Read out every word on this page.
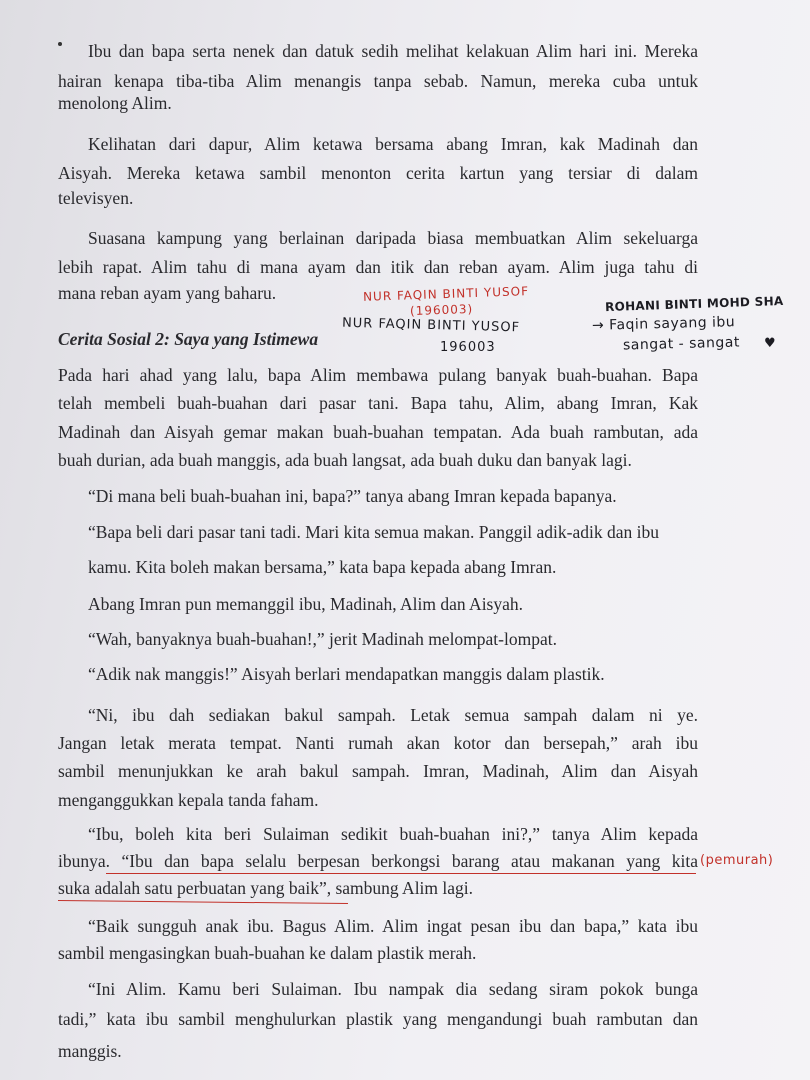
Ibu dan bapa serta nenek dan datuk sedih melihat kelakuan Alim hari ini. Mereka
hairan kenapa tiba-tiba Alim menangis tanpa sebab. Namun, mereka cuba untuk
menolong Alim.
Kelihatan dari dapur, Alim ketawa bersama abang Imran, kak Madinah dan
Aisyah. Mereka ketawa sambil menonton cerita kartun yang tersiar di dalam
televisyen.
Suasana kampung yang berlainan daripada biasa membuatkan Alim sekeluarga
lebih rapat. Alim tahu di mana ayam dan itik dan reban ayam. Alim juga tahu di
mana reban ayam yang baharu.
Cerita Sosial 2: Saya yang Istimewa
NUR FAQIN BINTI YUSOF
(196003)
NUR FAQIN BINTI YUSOF
196003
ROHANI BINTI MOHD SHA
→ Faqin sayang ibu
sangat - sangat ♥
Pada hari ahad yang lalu, bapa Alim membawa pulang banyak buah-buahan. Bapa
telah membeli buah-buahan dari pasar tani. Bapa tahu, Alim, abang Imran, Kak
Madinah dan Aisyah gemar makan buah-buahan tempatan. Ada buah rambutan, ada
buah durian, ada buah manggis, ada buah langsat, ada buah duku dan banyak lagi.
“Di mana beli buah-buahan ini, bapa?” tanya abang Imran kepada bapanya.
“Bapa beli dari pasar tani tadi. Mari kita semua makan. Panggil adik-adik dan ibu
kamu. Kita boleh makan bersama,” kata bapa kepada abang Imran.
Abang Imran pun memanggil ibu, Madinah, Alim dan Aisyah.
“Wah, banyaknya buah-buahan!,” jerit Madinah melompat-lompat.
“Adik nak manggis!” Aisyah berlari mendapatkan manggis dalam plastik.
“Ni, ibu dah sediakan bakul sampah. Letak semua sampah dalam ni ye.
Jangan letak merata tempat. Nanti rumah akan kotor dan bersepah,” arah ibu
sambil menunjukkan ke arah bakul sampah. Imran, Madinah, Alim dan Aisyah
menganggukkan kepala tanda faham.
“Ibu, boleh kita beri Sulaiman sedikit buah-buahan ini?,” tanya Alim kepada
ibunya. “Ibu dan bapa selalu berpesan berkongsi barang atau makanan yang kita
suka adalah satu perbuatan yang baik”, sambung Alim lagi.
(pemurah)
“Baik sungguh anak ibu. Bagus Alim. Alim ingat pesan ibu dan bapa,” kata ibu
sambil mengasingkan buah-buahan ke dalam plastik merah.
“Ini Alim. Kamu beri Sulaiman. Ibu nampak dia sedang siram pokok bunga
tadi,” kata ibu sambil menghulurkan plastik yang mengandungi buah rambutan dan
manggis.
